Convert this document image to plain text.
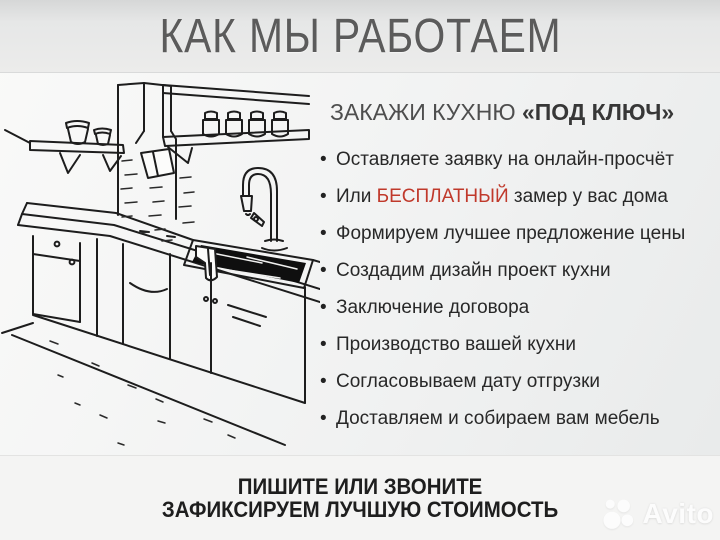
КАК МЫ РАБОТАЕМ
ЗАКАЖИ КУХНЮ «ПОД КЛЮЧ»
• Оставляете заявку на онлайн-просчёт
• Или БЕСПЛАТНЫЙ замер у вас дома
• Формируем лучшее предложение цены
• Создадим дизайн проект кухни
• Заключение договора
• Производство вашей кухни
• Согласовываем дату отгрузки
• Доставляем и собираем вам мебель
ПИШИТЕ ИЛИ ЗВОНИТЕ
ЗАФИКСИРУЕМ ЛУЧШУЮ СТОИМОСТЬ	Avito
